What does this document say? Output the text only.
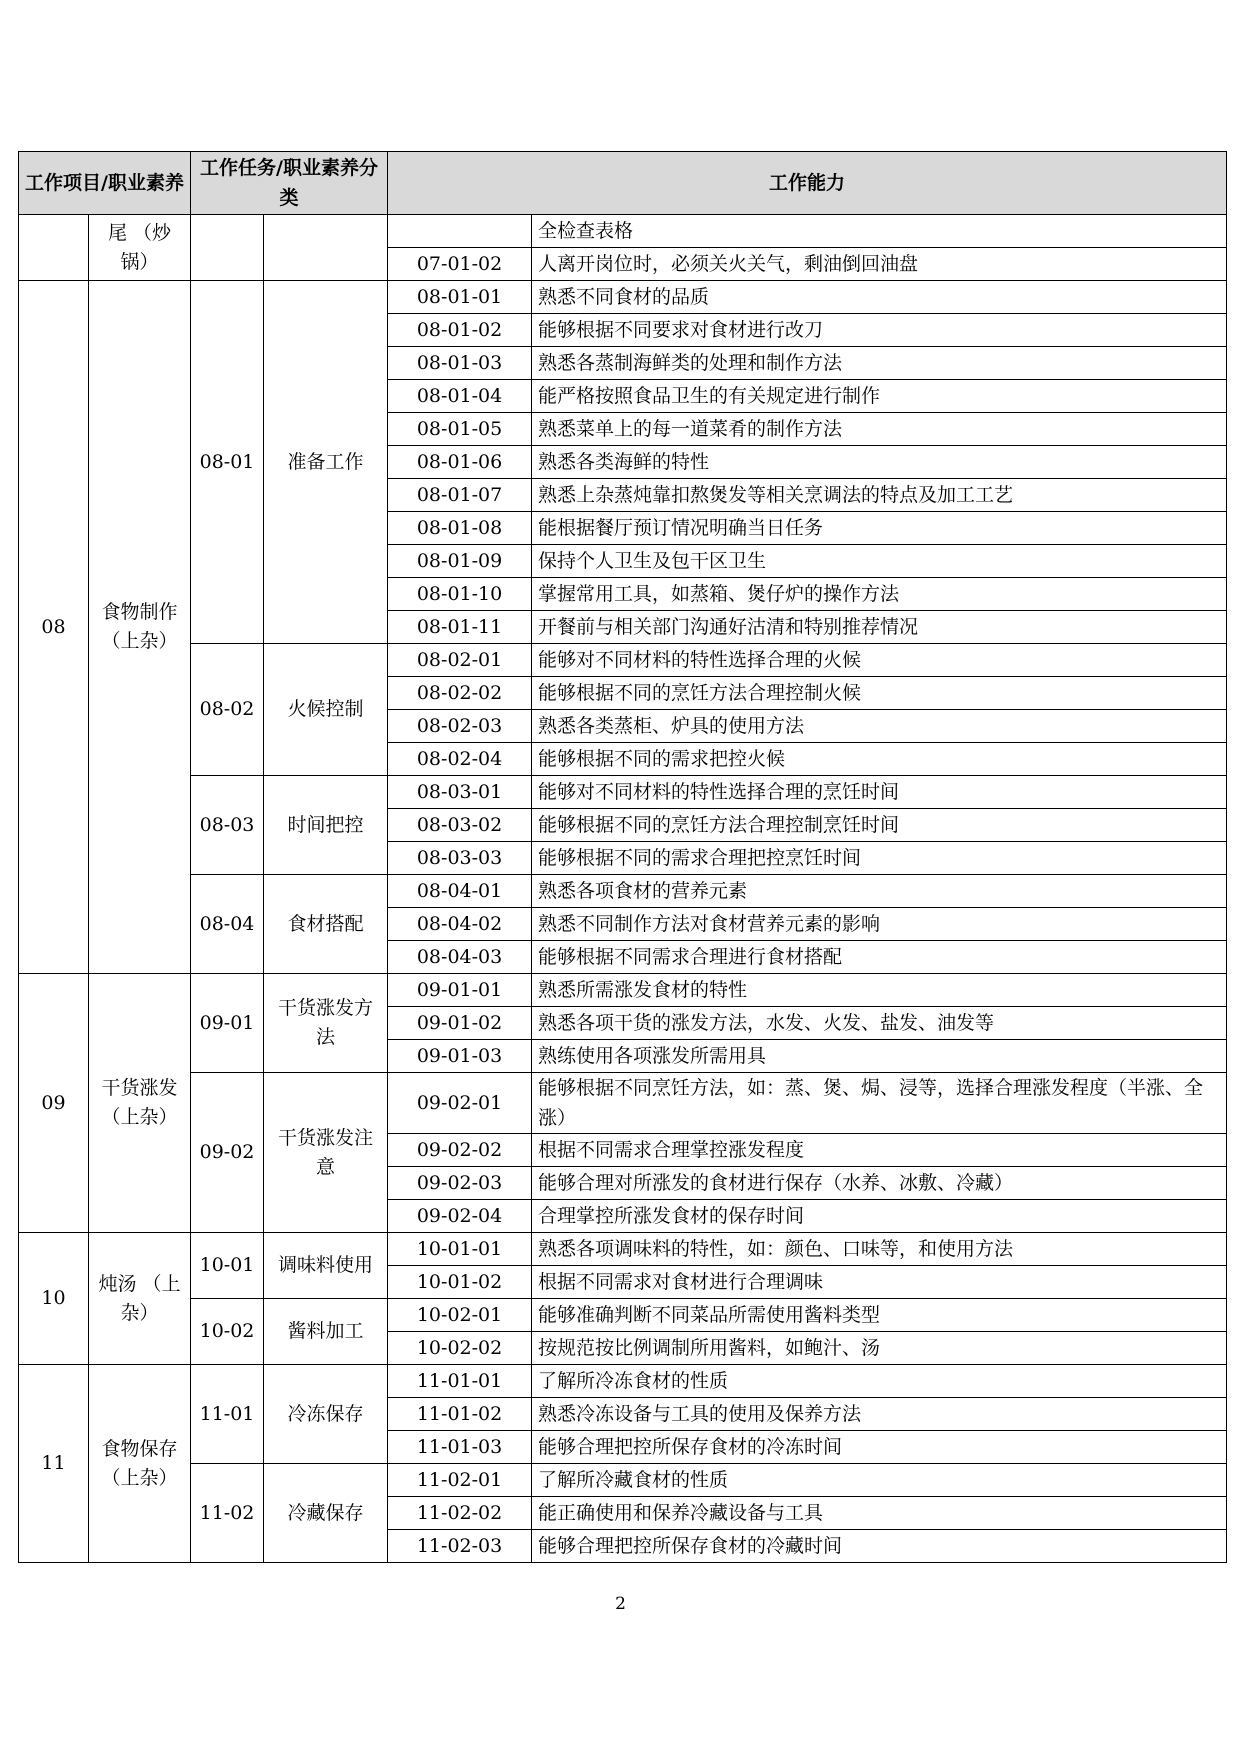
工作项目/职业素养		工作任务/职业素养分类		工作能力	
	尾 （炒锅）				全检查表格
				07-01-02	人离开岗位时，必须关火关气，剩油倒回油盘
08	食物制作 （上杂）	08-01	准备工作	08-01-01	熟悉不同食材的品质
				08-01-02	能够根据不同要求对食材进行改刀
				08-01-03	熟悉各蒸制海鲜类的处理和制作方法
				08-01-04	能严格按照食品卫生的有关规定进行制作
				08-01-05	熟悉菜单上的每一道菜肴的制作方法
				08-01-06	熟悉各类海鲜的特性
				08-01-07	熟悉上杂蒸炖靠扣熬煲发等相关烹调法的特点及加工工艺
				08-01-08	能根据餐厅预订情况明确当日任务
				08-01-09	保持个人卫生及包干区卫生
				08-01-10	掌握常用工具，如蒸箱、煲仔炉的操作方法
				08-01-11	开餐前与相关部门沟通好沽清和特别推荐情况
		08-02	火候控制	08-02-01	能够对不同材料的特性选择合理的火候
				08-02-02	能够根据不同的烹饪方法合理控制火候
				08-02-03	熟悉各类蒸柜、炉具的使用方法
				08-02-04	能够根据不同的需求把控火候
		08-03	时间把控	08-03-01	能够对不同材料的特性选择合理的烹饪时间
				08-03-02	能够根据不同的烹饪方法合理控制烹饪时间
				08-03-03	能够根据不同的需求合理把控烹饪时间
		08-04	食材搭配	08-04-01	熟悉各项食材的营养元素
				08-04-02	熟悉不同制作方法对食材营养元素的影响
				08-04-03	能够根据不同需求合理进行食材搭配
09	干货涨发 （上杂）	09-01	干货涨发方法	09-01-01	熟悉所需涨发食材的特性
				09-01-02	熟悉各项干货的涨发方法，水发、火发、盐发、油发等
				09-01-03	熟练使用各项涨发所需用具
		09-02	干货涨发注意	09-02-01	能够根据不同烹饪方法，如：蒸、煲、焗、浸等，选择合理涨发程度（半涨、全涨）
				09-02-02	根据不同需求合理掌控涨发程度
				09-02-03	能够合理对所涨发的食材进行保存（水养、冰敷、冷藏）
				09-02-04	合理掌控所涨发食材的保存时间
10	炖汤 （上杂）	10-01	调味料使用	10-01-01	熟悉各项调味料的特性，如：颜色、口味等，和使用方法
				10-01-02	根据不同需求对食材进行合理调味
		10-02	酱料加工	10-02-01	能够准确判断不同菜品所需使用酱料类型
				10-02-02	按规范按比例调制所用酱料，如鲍汁、汤
11	食物保存 （上杂）	11-01	冷冻保存	11-01-01	了解所冷冻食材的性质
				11-01-02	熟悉冷冻设备与工具的使用及保养方法
				11-01-03	能够合理把控所保存食材的冷冻时间
		11-02	冷藏保存	11-02-01	了解所冷藏食材的性质
				11-02-02	能正确使用和保养冷藏设备与工具
				11-02-03	能够合理把控所保存食材的冷藏时间
2
